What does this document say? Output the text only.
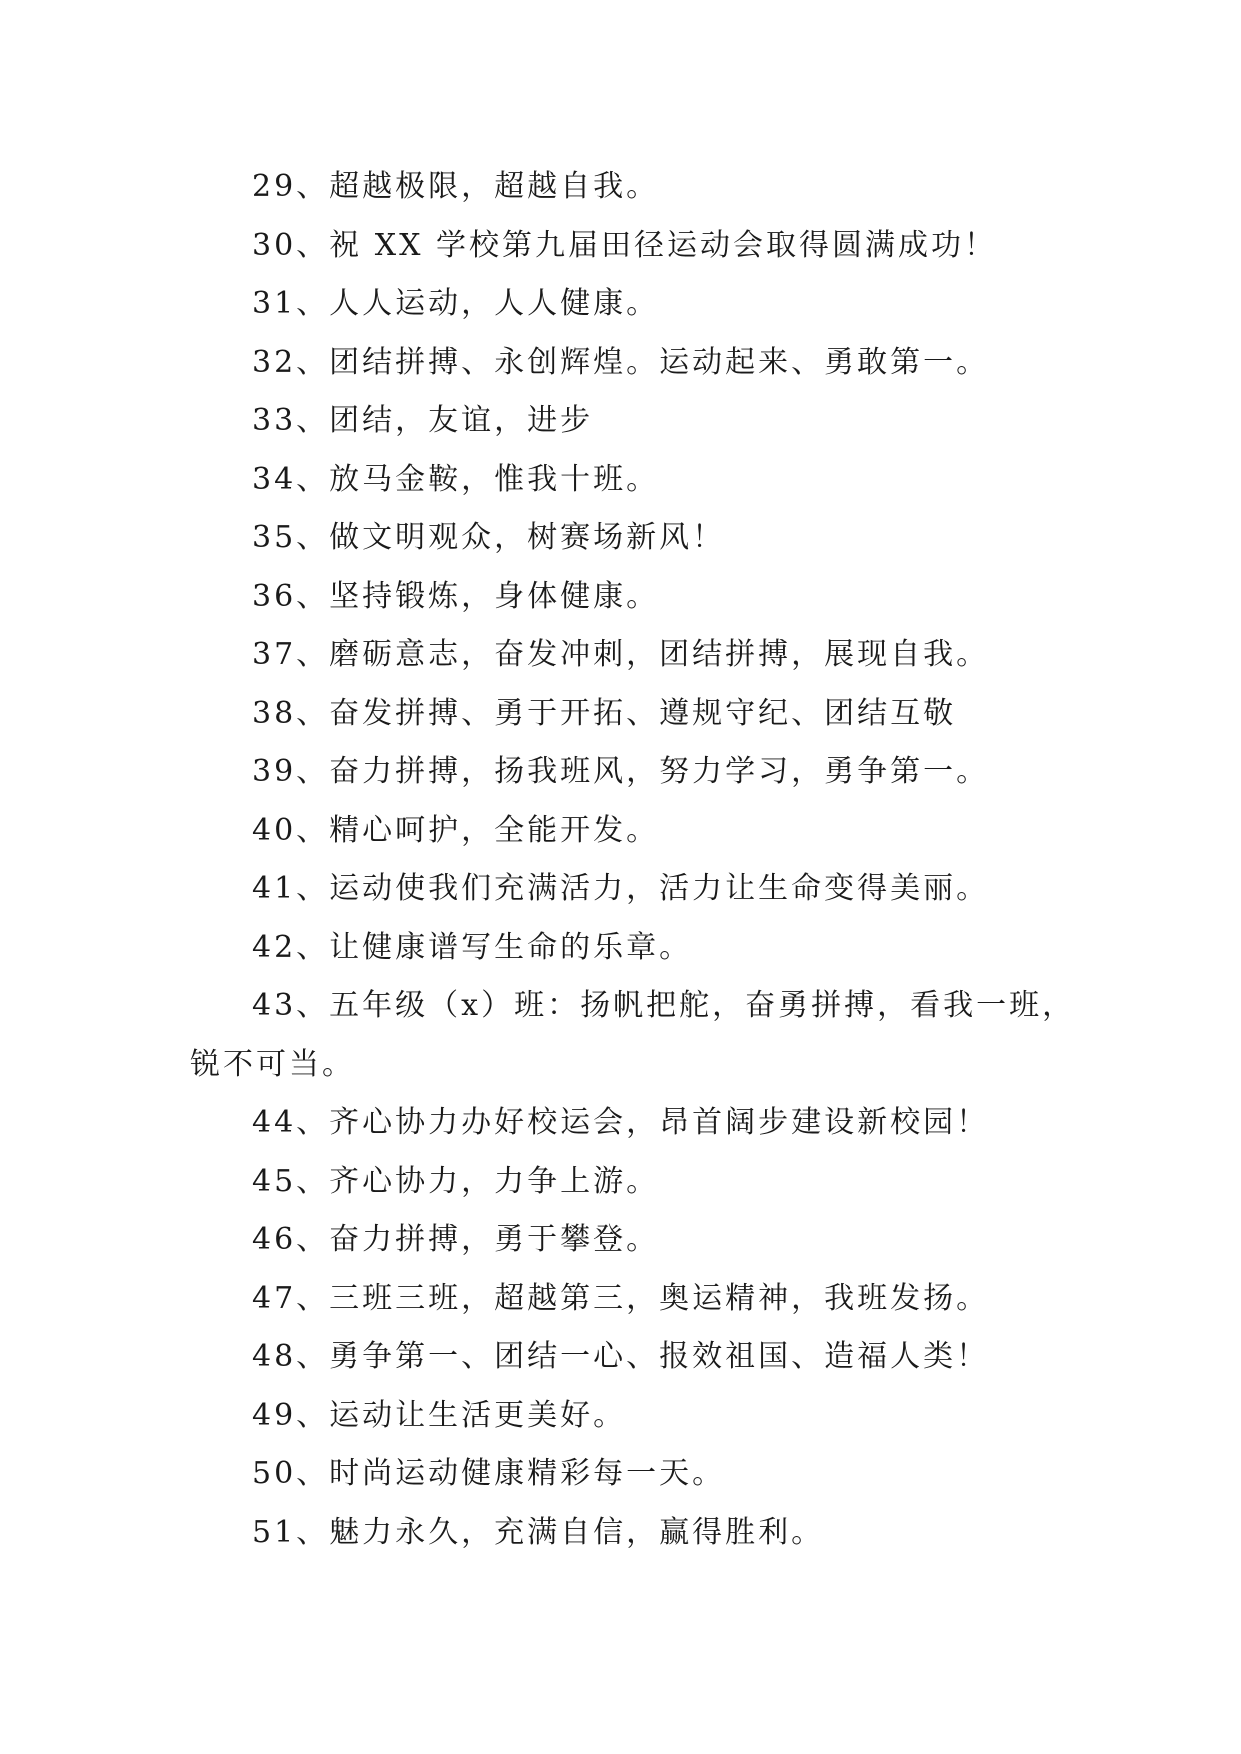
29、超越极限，超越自我。
30、祝 XX 学校第九届田径运动会取得圆满成功！
31、人人运动，人人健康。
32、团结拼搏、永创辉煌。运动起来、勇敢第一。
33、团结，友谊，进步
34、放马金鞍，惟我十班。
35、做文明观众，树赛场新风！
36、坚持锻炼，身体健康。
37、磨砺意志，奋发冲刺，团结拼搏，展现自我。
38、奋发拼搏、勇于开拓、遵规守纪、团结互敬
39、奋力拼搏，扬我班风，努力学习，勇争第一。
40、精心呵护，全能开发。
41、运动使我们充满活力，活力让生命变得美丽。
42、让健康谱写生命的乐章。
43、五年级（x）班：扬帆把舵，奋勇拼搏，看我一班，
锐不可当。
44、齐心协力办好校运会，昂首阔步建设新校园！
45、齐心协力，力争上游。
46、奋力拼搏，勇于攀登。
47、三班三班，超越第三，奥运精神，我班发扬。
48、勇争第一、团结一心、报效祖国、造福人类！
49、运动让生活更美好。
50、时尚运动健康精彩每一天。
51、魅力永久，充满自信，赢得胜利。
